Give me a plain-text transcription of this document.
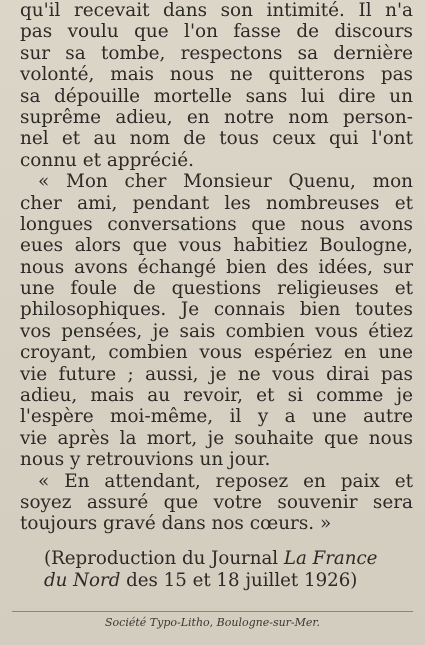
qu'il recevait dans son intimité. Il n'a
pas voulu que l'on fasse de discours
sur sa tombe, respectons sa dernière
volonté, mais nous ne quitterons pas
sa dépouille mortelle sans lui dire un
suprême adieu, en notre nom person-
nel et au nom de tous ceux qui l'ont
connu et apprécié.
« Mon cher Monsieur Quenu, mon
cher ami, pendant les nombreuses et
longues conversations que nous avons
eues alors que vous habitiez Boulogne,
nous avons échangé bien des idées, sur
une foule de questions religieuses et
philosophiques. Je connais bien toutes
vos pensées, je sais combien vous étiez
croyant, combien vous espériez en une
vie future ; aussi, je ne vous dirai pas
adieu, mais au revoir, et si comme je
l'espère moi-même, il y a une autre
vie après la mort, je souhaite que nous
nous y retrouvions un jour.
« En attendant, reposez en paix et
soyez assuré que votre souvenir sera
toujours gravé dans nos cœurs. »
(Reproduction du Journal La France
du Nord des 15 et 18 juillet 1926)
Société Typo-Litho, Boulogne-sur-Mer.
